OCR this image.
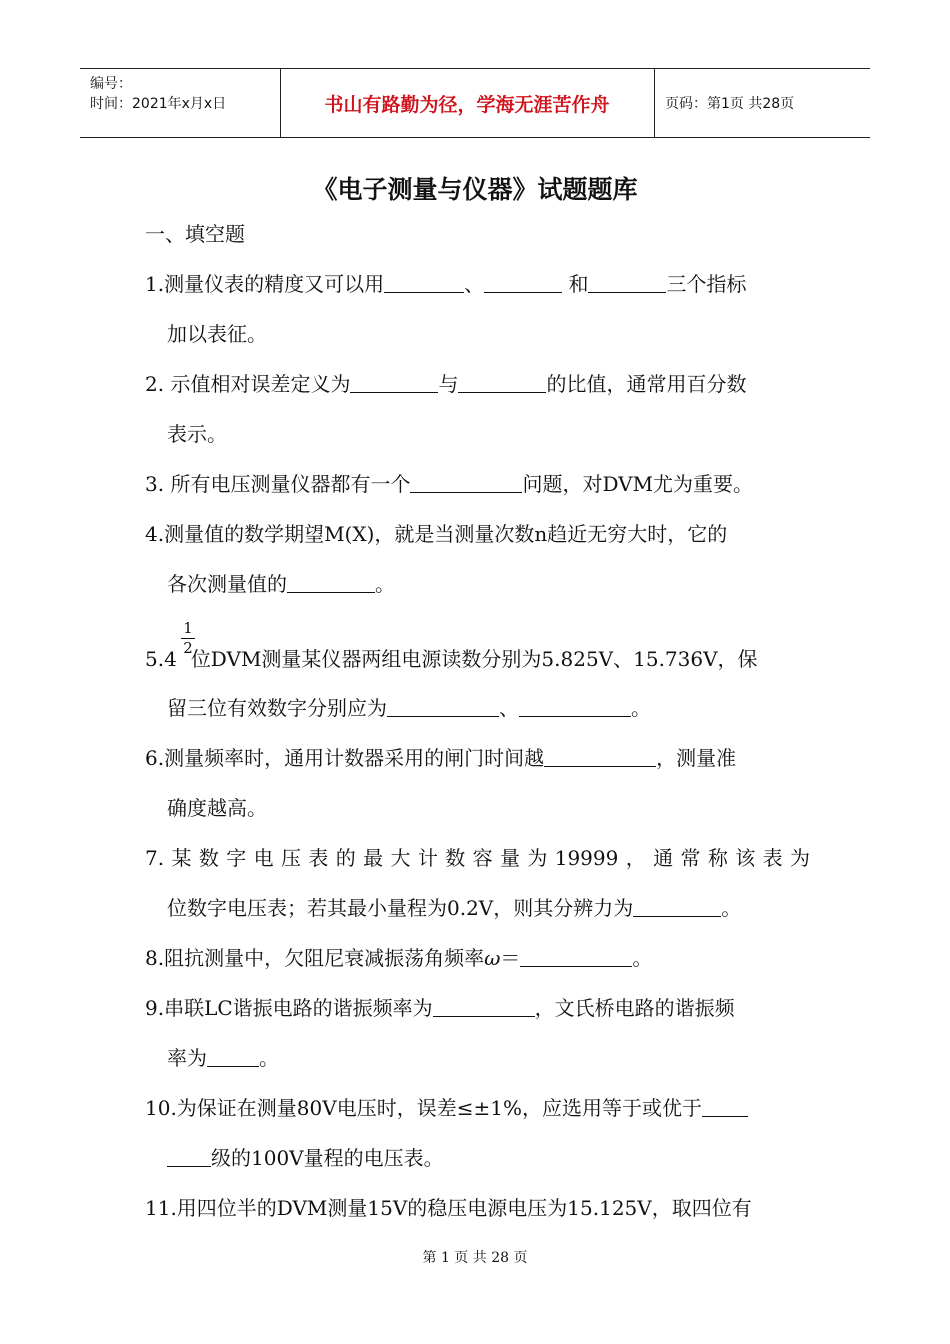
编号：
时间：2021年x月x日	书山有路勤为径，学海无涯苦作舟	页码：第1页 共28页
《电子测量与仪器》试题题库
一、填空题
1.测量仪表的精度又可以用	、	和	三个指标
加以表征。
2. 示值相对误差定义为	与	的比值，通常用百分数
表示。
3. 所有电压测量仪器都有一个	问题，对DVM尤为重要。
4.测量值的数学期望M(X)，就是当测量次数n趋近无穷大时，它的
各次测量值的	。
1
2
5.4 位DVM测量某仪器两组电源读数分别为5.825V、15.736V，保
留三位有效数字分别应为	、	。
6.测量频率时，通用计数器采用的闸门时间越	，测量准
确度越高。
7.某数字电压表的最大计数容量为19999，通常称该表为
位数字电压表；若其最小量程为0.2V，则其分辨力为	。
8.阻抗测量中，欠阻尼衰减振荡角频率ω＝	。
9.串联LC谐振电路的谐振频率为	，文氏桥电路的谐振频
率为	。
10.为保证在测量80V电压时，误差≤±1%，应选用等于或优于
级的100V量程的电压表。
11.用四位半的DVM测量15V的稳压电源电压为15.125V，取四位有
第 1 页 共 28 页
